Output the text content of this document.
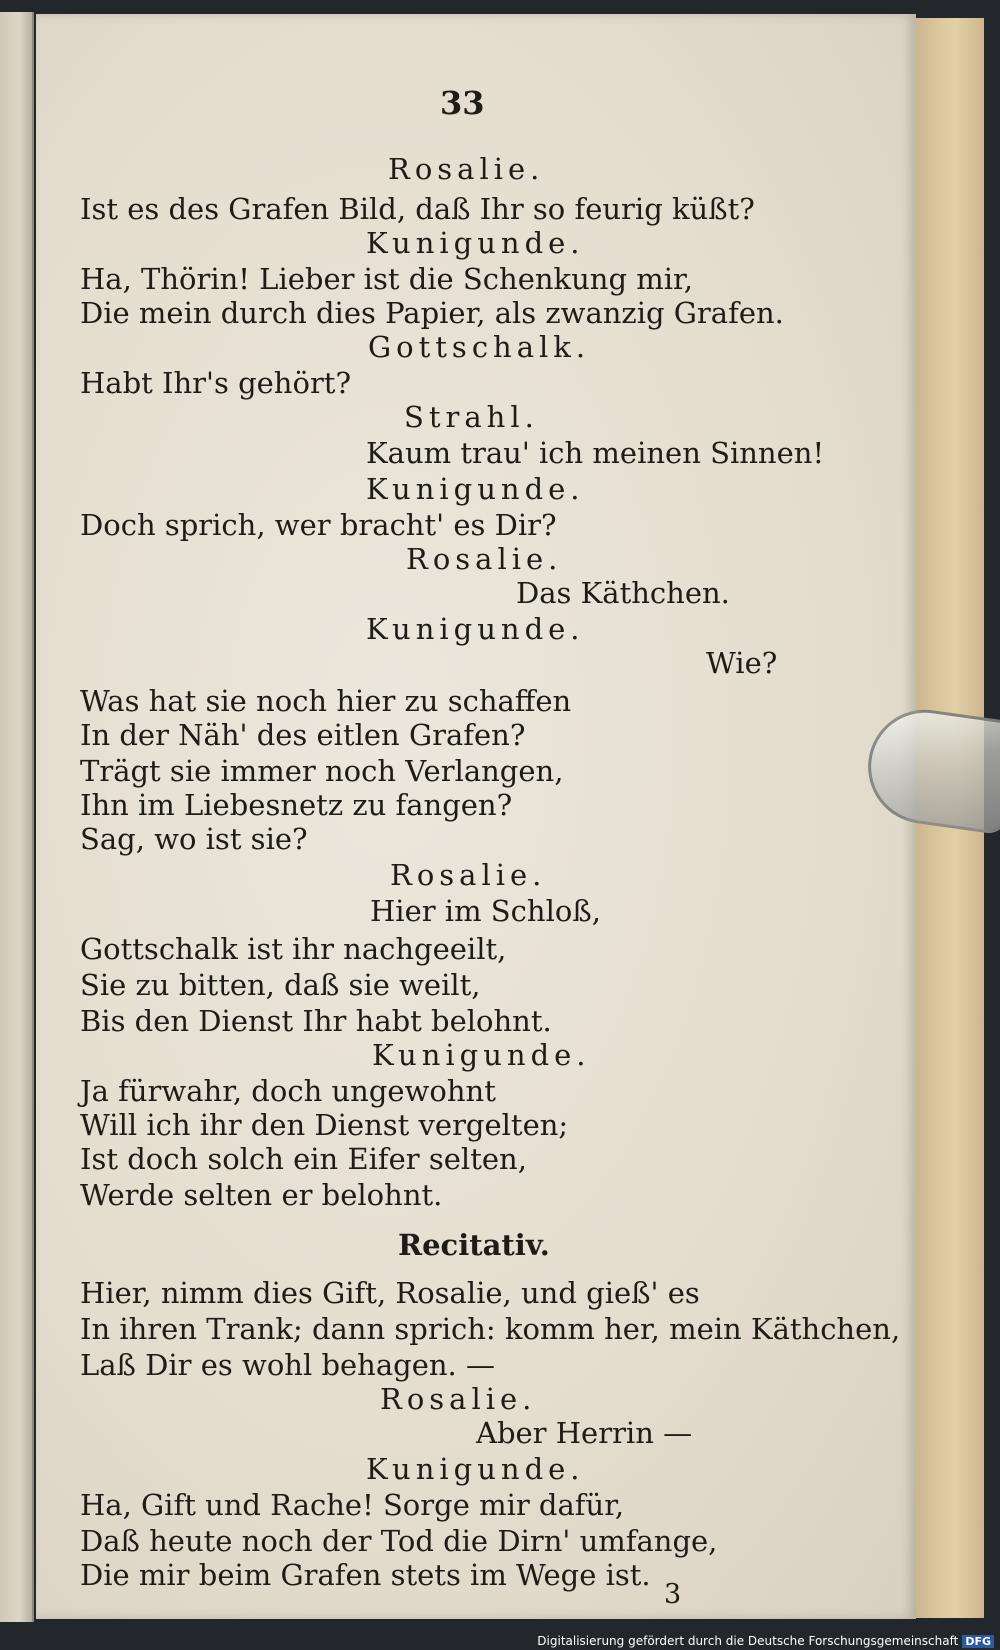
33

Rosalie.

Ist es des Grafen Bild, daß Ihr so feurig küßt?

Kunigunde.

Ha, Thörin! Lieber ist die Schenkung mir,

Die mein durch dies Papier, als zwanzig Grafen.

Gottschalk.

Habt Ihr's gehört?

Strahl.

Kaum trau' ich meinen Sinnen!

Kunigunde.

Doch sprich, wer bracht' es Dir?

Rosalie.

Das Käthchen.

Kunigunde.

Wie?

Was hat sie noch hier zu schaffen

In der Näh' des eitlen Grafen?

Trägt sie immer noch Verlangen,

Ihn im Liebesnetz zu fangen?

Sag, wo ist sie?

Rosalie.

Hier im Schloß,

Gottschalk ist ihr nachgeeilt,

Sie zu bitten, daß sie weilt,

Bis den Dienst Ihr habt belohnt.

Kunigunde.

Ja fürwahr, doch ungewohnt

Will ich ihr den Dienst vergelten;

Ist doch solch ein Eifer selten,

Werde selten er belohnt.

Recitativ.

Hier, nimm dies Gift, Rosalie, und gieß' es

In ihren Trank; dann sprich: komm her, mein Käthchen,

Laß Dir es wohl behagen. —

Rosalie.

Aber Herrin —

Kunigunde.

Ha, Gift und Rache! Sorge mir dafür,

Daß heute noch der Tod die Dirn' umfange,

Die mir beim Grafen stets im Wege ist.

3

Digitalisierung gefördert durch die Deutsche Forschungsgemeinschaft DFG
